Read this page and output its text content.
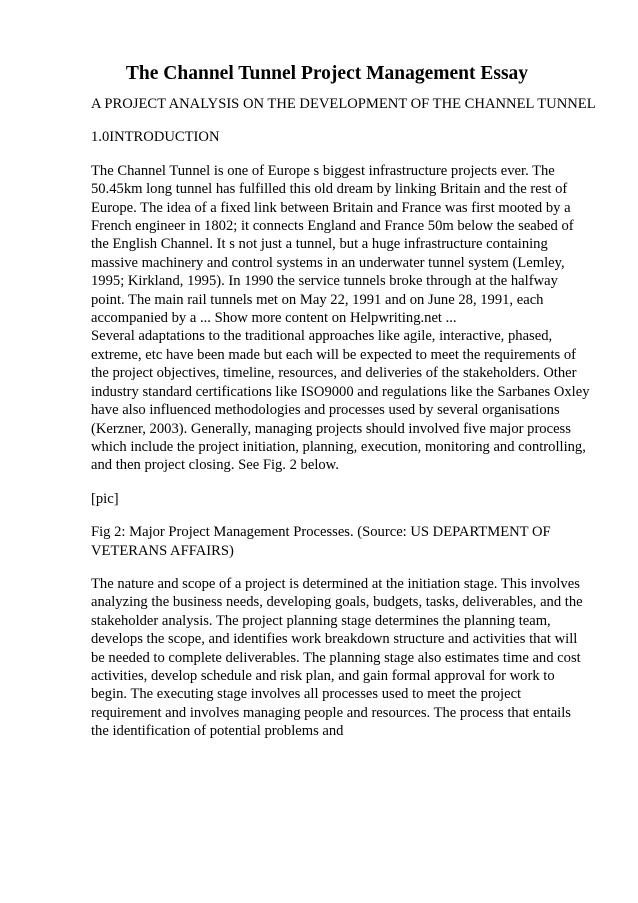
The Channel Tunnel Project Management Essay

A PROJECT ANALYSIS ON THE DEVELOPMENT OF THE CHANNEL TUNNEL

1.0INTRODUCTION

The Channel Tunnel is one of Europe s biggest infrastructure projects ever. The
50.45km long tunnel has fulfilled this old dream by linking Britain and the rest of
Europe. The idea of a fixed link between Britain and France was first mooted by a
French engineer in 1802; it connects England and France 50m below the seabed of
the English Channel. It s not just a tunnel, but a huge infrastructure containing
massive machinery and control systems in an underwater tunnel system (Lemley,
1995; Kirkland, 1995). In 1990 the service tunnels broke through at the halfway
point. The main rail tunnels met on May 22, 1991 and on June 28, 1991, each
accompanied by a ... Show more content on Helpwriting.net ...

Several adaptations to the traditional approaches like agile, interactive, phased,
extreme, etc have been made but each will be expected to meet the requirements of
the project objectives, timeline, resources, and deliveries of the stakeholders. Other
industry standard certifications like ISO9000 and regulations like the Sarbanes Oxley
have also influenced methodologies and processes used by several organisations
(Kerzner, 2003). Generally, managing projects should involved five major process
which include the project initiation, planning, execution, monitoring and controlling,
and then project closing. See Fig. 2 below.

[pic]

Fig 2: Major Project Management Processes. (Source: US DEPARTMENT OF
VETERANS AFFAIRS)

The nature and scope of a project is determined at the initiation stage. This involves
analyzing the business needs, developing goals, budgets, tasks, deliverables, and the
stakeholder analysis. The project planning stage determines the planning team,
develops the scope, and identifies work breakdown structure and activities that will
be needed to complete deliverables. The planning stage also estimates time and cost
activities, develop schedule and risk plan, and gain formal approval for work to
begin. The executing stage involves all processes used to meet the project
requirement and involves managing people and resources. The process that entails
the identification of potential problems and
